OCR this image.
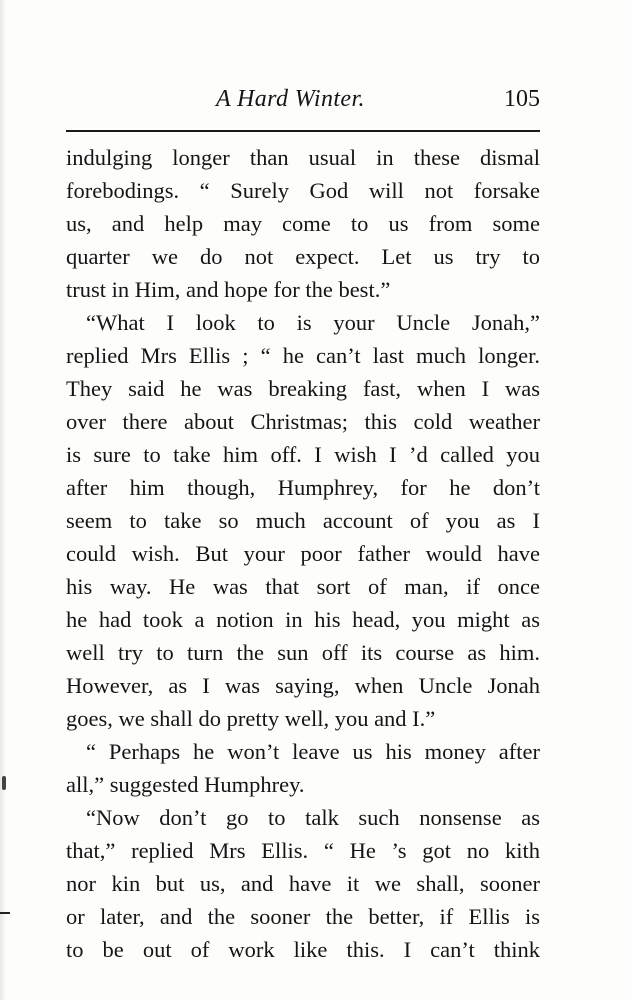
A Hard Winter.	105
indulging longer than usual in these dismal
forebodings. “ Surely God will not forsake
us, and help may come to us from some
quarter we do not expect. Let us try to
trust in Him, and hope for the best.”
“What I look to is your Uncle Jonah,”
replied Mrs Ellis ; “ he can’t last much longer.
They said he was breaking fast, when I was
over there about Christmas; this cold weather
is sure to take him off. I wish I ’d called you
after him though, Humphrey, for he don’t
seem to take so much account of you as I
could wish. But your poor father would have
his way. He was that sort of man, if once
he had took a notion in his head, you might as
well try to turn the sun off its course as him.
However, as I was saying, when Uncle Jonah
goes, we shall do pretty well, you and I.”
“ Perhaps he won’t leave us his money after
all,” suggested Humphrey.
“Now don’t go to talk such nonsense as
that,” replied Mrs Ellis. “ He ’s got no kith
nor kin but us, and have it we shall, sooner
or later, and the sooner the better, if Ellis is
to be out of work like this. I can’t think
